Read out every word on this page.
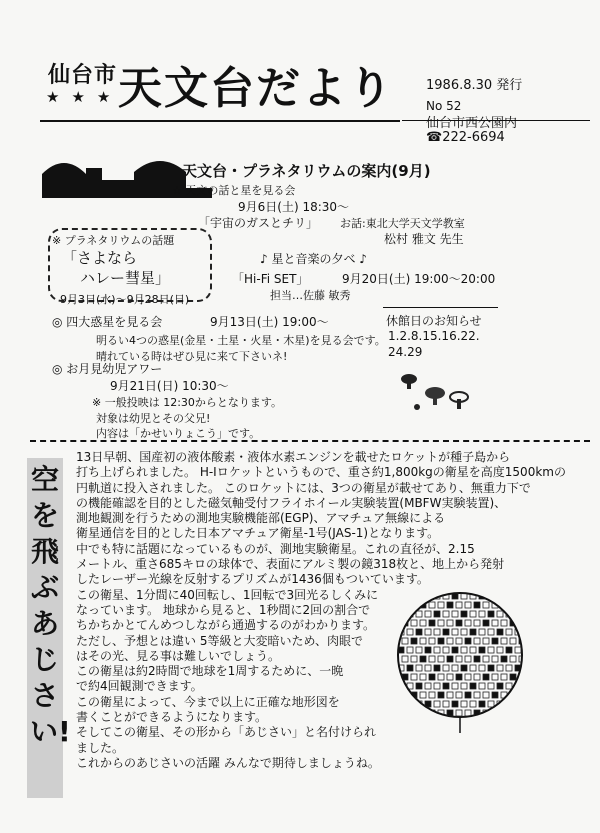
仙台市 天文台だより
★★★
1986.8.30 発行
No 52
仙台市西公園内
☎222-6694
天文台・プラネタリウムの案内(9月)
☆ 天文の話と星を見る会
9月6日(土) 18:30～
「宇宙のガスとチリ」 お話:東北大学天文学教室
松村 雅文 先生
♪ 星と音楽の夕べ ♪
「Hi-Fi SET」	9月20日(土) 19:00～20:00
担当…佐藤 敏秀
※ プラネタリウムの話題
「さよなら
ハレー彗星」
9月3日(水)～9月28日(日)
◎ 四大惑星を見る会	9月13日(土) 19:00～
明るい4つの惑星(金星・土星・火星・木星)を見る会です。
晴れている時はぜひ見に来て下さいネ!
◎ お月見幼児アワー
9月21日(日) 10:30～
※ 一般投映は 12:30からとなります。
対象は幼児とその父兄!
内容は「かせいりょこう」です。
休館日のお知らせ
1.2.8.15.16.22.
24.29
空を飛ぶあじさい!

13日早朝、国産初の液体酸素・液体水素エンジンを載せたロケットが種子島から

打ち上げられました。 H-Iロケットというもので、重さ約1,800kgの衛星を高度1500kmの

円軌道に投入されました。 このロケットには、3つの衛星が載せてあり、無重力下で

の機能確認を目的とした磁気軸受付フライホイール実験装置(MBFW実験装置)、

測地観測を行うための測地実験機能部(EGP)、アマチュア無線による

衛星通信を目的とした日本アマチュア衛星-1号(JAS-1)となります。

中でも特に話題になっているものが、測地実験衛星。これの直径が、2.15

メートル、重さ685キロの球体で、表面にアルミ製の鏡318枚と、地上から発射

したレーザー光線を反射するプリズムが1436個もついています。

この衛星、1分間に40回転し、1回転で3回光るしくみに

なっています。 地球から見ると、1秒間に2回の割合で

ちかちかとてんめつしながら通過するのがわかります。

ただし、予想とは違い 5等級と大変暗いため、肉眼で

はその光、見る事は難しいでしょう。

この衛星は約2時間で地球を1周するために、一晩

で約4回観測できます。

この衛星によって、今まで以上に正確な地形図を

書くことができるようになります。

そしてこの衛星、その形から「あじさい」と名付けられ

ました。

これからのあじさいの活躍 みんなで期待しましょうね。
